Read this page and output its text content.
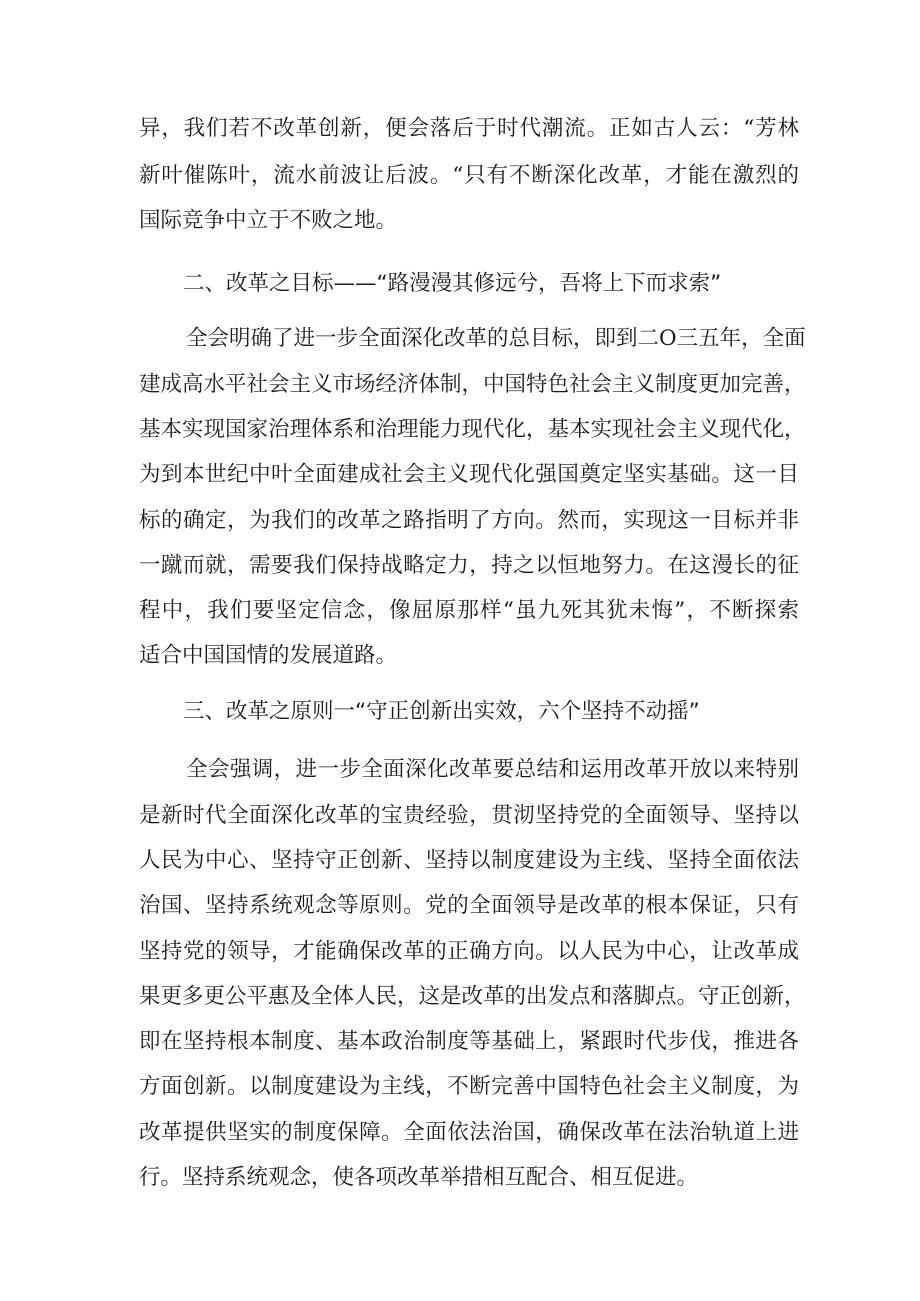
异，我们若不改革创新，便会落后于时代潮流。正如古人云：“芳林
新叶催陈叶，流水前波让后波。“只有不断深化改革，才能在激烈的
国际竞争中立于不败之地。
二、改革之目标——“路漫漫其修远兮，吾将上下而求索”
全会明确了进一步全面深化改革的总目标，即到二O三五年，全面
建成高水平社会主义市场经济体制，中国特色社会主义制度更加完善，
基本实现国家治理体系和治理能力现代化，基本实现社会主义现代化，
为到本世纪中叶全面建成社会主义现代化强国奠定坚实基础。这一目
标的确定，为我们的改革之路指明了方向。然而，实现这一目标并非
一蹴而就，需要我们保持战略定力，持之以恒地努力。在这漫长的征
程中，我们要坚定信念，像屈原那样“虽九死其犹未悔”，不断探索
适合中国国情的发展道路。
三、改革之原则一“守正创新出实效，六个坚持不动摇”
全会强调，进一步全面深化改革要总结和运用改革开放以来特别
是新时代全面深化改革的宝贵经验，贯沏坚持党的全面领导、坚持以
人民为中心、坚持守正创新、坚持以制度建设为主线、坚持全面依法
治国、坚持系统观念等原则。党的全面领导是改革的根本保证，只有
坚持党的领导，才能确保改革的正确方向。以人民为中心，让改革成
果更多更公平惠及全体人民，这是改革的出发点和落脚点。守正创新，
即在坚持根本制度、基本政治制度等基础上，紧跟时代步伐，推进各
方面创新。以制度建设为主线，不断完善中国特色社会主义制度，为
改革提供坚实的制度保障。全面依法治国，确保改革在法治轨道上进
行。坚持系统观念，使各项改革举措相互配合、相互促进。
